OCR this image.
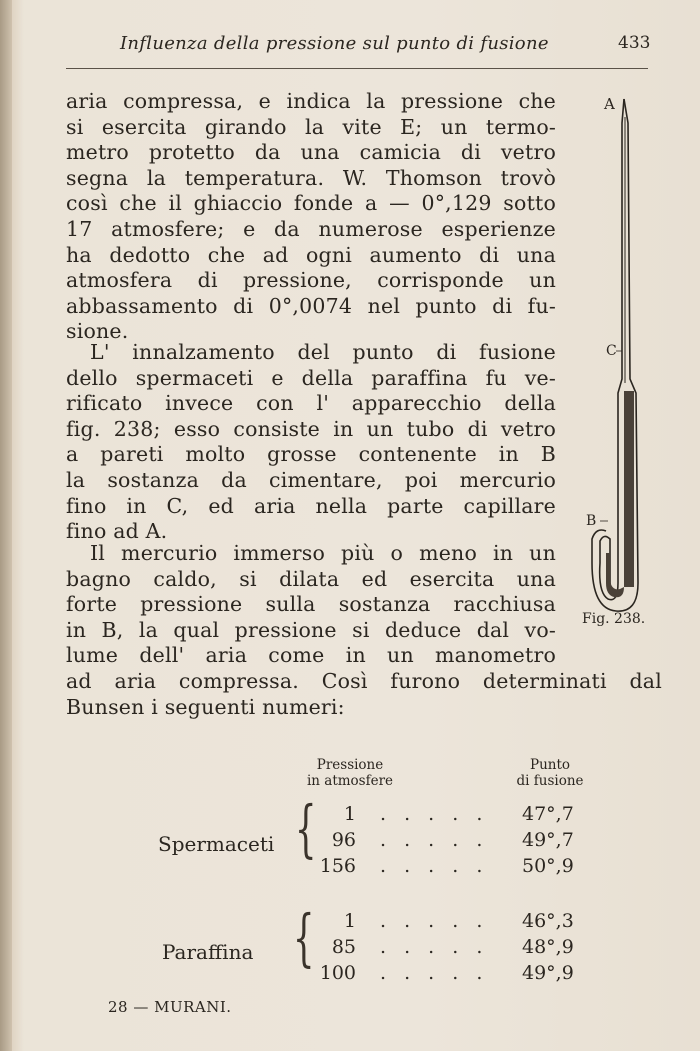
Influenza della pressione sul punto di fusione	433

aria compressa, e indica la pressione che

si esercita girando la vite E; un termo-

metro protetto da una camicia di vetro

segna la temperatura. W. Thomson trovò

così che il ghiaccio fonde a — 0°,129 sotto

17 atmosfere; e da numerose esperienze

ha dedotto che ad ogni aumento di una

atmosfera di pressione, corrisponde un

abbassamento di 0°,0074 nel punto di fu-

sione.

L' innalzamento del punto di fusione

dello spermaceti e della paraffina fu ve-

rificato invece con l' apparecchio della

fig. 238; esso consiste in un tubo di vetro

a pareti molto grosse contenente in B

la sostanza da cimentare, poi mercurio

fino in C, ed aria nella parte capillare

fino ad A.

Il mercurio immerso più o meno in un

bagno caldo, si dilata ed esercita una

forte pressione sulla sostanza racchiusa

in B, la qual pressione si deduce dal vo-

lume dell' aria come in un manometro

ad aria compressa. Così furono determinati dal

Bunsen i seguenti numeri:

A
C
B
Fig. 238.
Pressione
in atmosfere
Punto
di fusione
Spermaceti {	1 . . . . . 47°,7
96 . . . . . 49°,7
156 . . . . . 50°,9
Paraffina {	1 . . . . . 46°,3
85 . . . . . 48°,9
100 . . . . . 49°,9
28 — MURANI.
